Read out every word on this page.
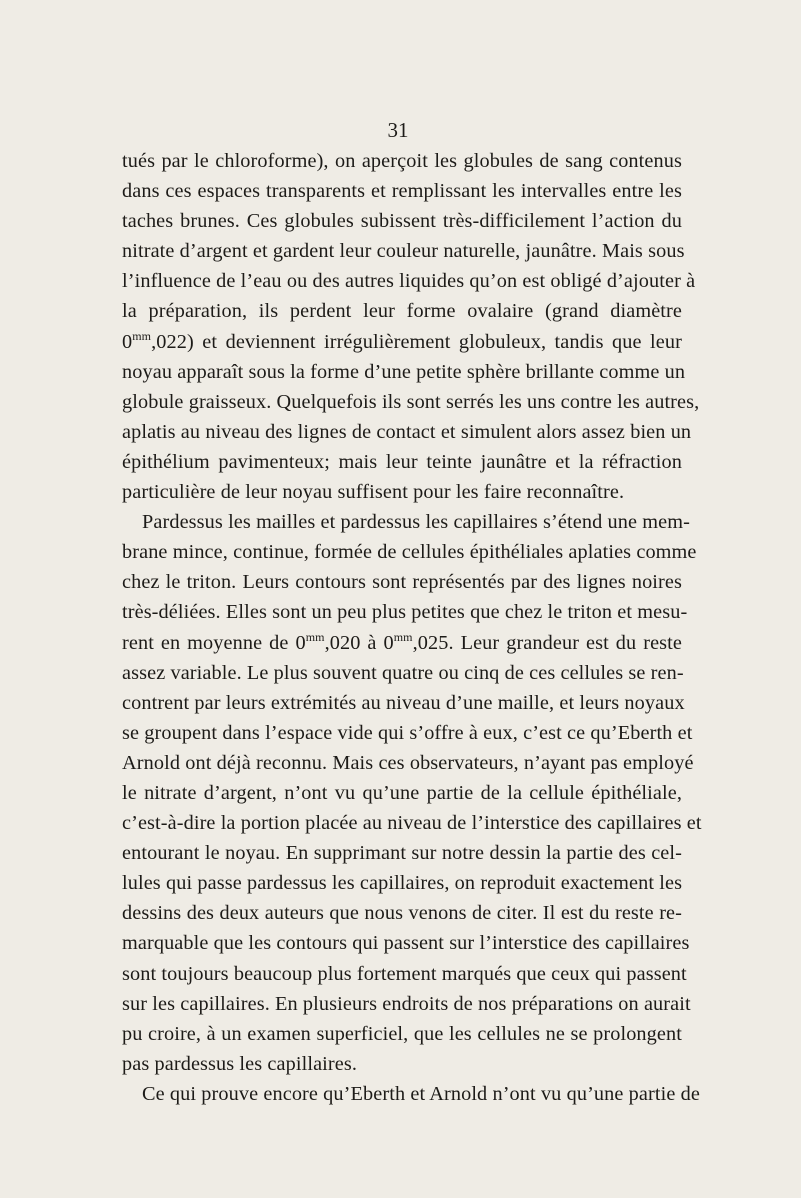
31
tués par le chloroforme), on aperçoit les globules de sang contenus
dans ces espaces transparents et remplissant les intervalles entre les
taches brunes. Ces globules subissent très-difficilement l’action du
nitrate d’argent et gardent leur couleur naturelle, jaunâtre. Mais sous
l’influence de l’eau ou des autres liquides qu’on est obligé d’ajouter à
la préparation, ils perdent leur forme ovalaire (grand diamètre
$0^{mm},022$) et deviennent irrégulièrement globuleux, tandis que leur
noyau apparaît sous la forme d’une petite sphère brillante comme un
globule graisseux. Quelquefois ils sont serrés les uns contre les autres,
aplatis au niveau des lignes de contact et simulent alors assez bien un
épithélium pavimenteux; mais leur teinte jaunâtre et la réfraction
particulière de leur noyau suffisent pour les faire reconnaître.
Pardessus les mailles et pardessus les capillaires s’étend une mem-
brane mince, continue, formée de cellules épithéliales aplaties comme
chez le triton. Leurs contours sont représentés par des lignes noires
très-déliées. Elles sont un peu plus petites que chez le triton et mesu-
rent en moyenne de $0^{mm},020$ à $0^{mm},025$. Leur grandeur est du reste
assez variable. Le plus souvent quatre ou cinq de ces cellules se ren-
contrent par leurs extrémités au niveau d’une maille, et leurs noyaux
se groupent dans l’espace vide qui s’offre à eux, c’est ce qu’Eberth et
Arnold ont déjà reconnu. Mais ces observateurs, n’ayant pas employé
le nitrate d’argent, n’ont vu qu’une partie de la cellule épithéliale,
c’est-à-dire la portion placée au niveau de l’interstice des capillaires et
entourant le noyau. En supprimant sur notre dessin la partie des cel-
lules qui passe pardessus les capillaires, on reproduit exactement les
dessins des deux auteurs que nous venons de citer. Il est du reste re-
marquable que les contours qui passent sur l’interstice des capillaires
sont toujours beaucoup plus fortement marqués que ceux qui passent
sur les capillaires. En plusieurs endroits de nos préparations on aurait
pu croire, à un examen superficiel, que les cellules ne se prolongent
pas pardessus les capillaires.
Ce qui prouve encore qu’Eberth et Arnold n’ont vu qu’une partie de
